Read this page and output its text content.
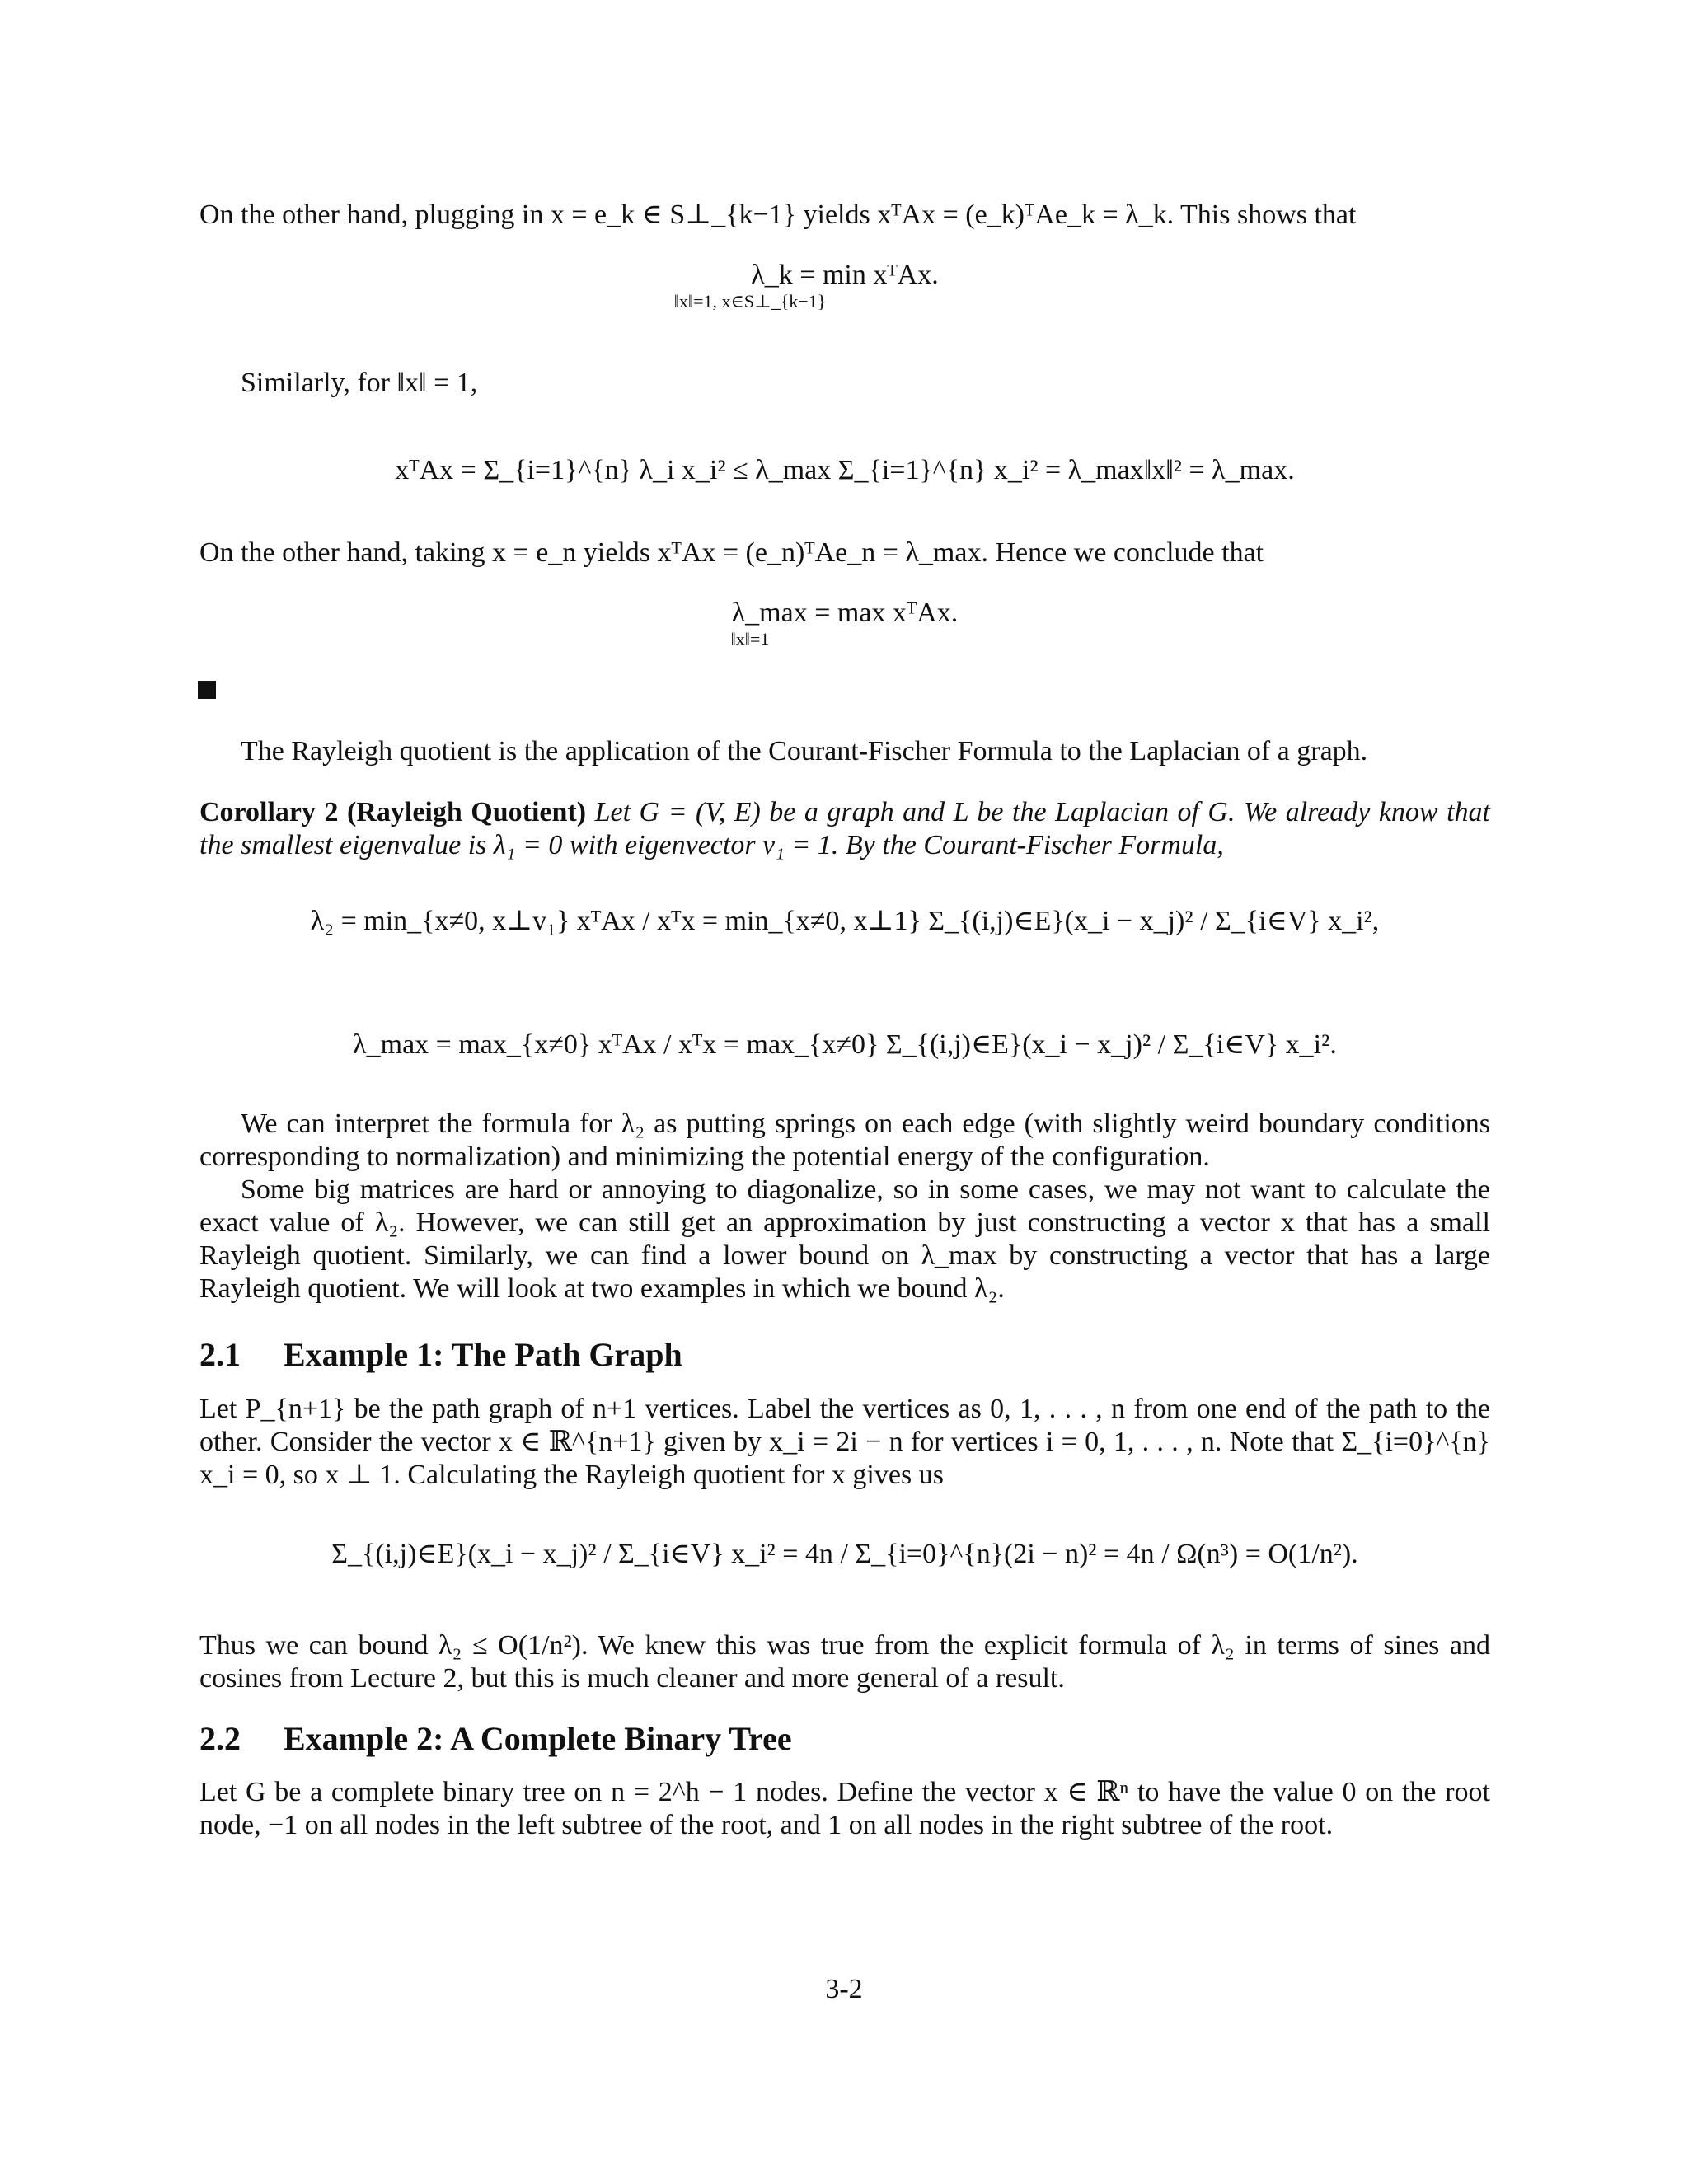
On the other hand, plugging in x = e_k ∈ S⊥_{k−1} yields xᵀAx = (e_k)ᵀAe_k = λ_k. This shows that

λ_k = min xᵀAx.
‖x‖=1, x∈S⊥_{k−1}

Similarly, for ‖x‖ = 1,

xᵀAx = Σ_{i=1}^{n} λ_i x_i² ≤ λ_max Σ_{i=1}^{n} x_i² = λ_max‖x‖² = λ_max.

On the other hand, taking x = e_n yields xᵀAx = (e_n)ᵀAe_n = λ_max. Hence we conclude that

λ_max = max xᵀAx.
‖x‖=1

The Rayleigh quotient is the application of the Courant-Fischer Formula to the Laplacian of a graph.

Corollary 2 (Rayleigh Quotient) Let G = (V, E) be a graph and L be the Laplacian of G. We already know that the smallest eigenvalue is λ₁ = 0 with eigenvector v₁ = 1. By the Courant-Fischer Formula,

λ₂ = min_{x≠0, x⊥v₁} xᵀAx / xᵀx = min_{x≠0, x⊥1} Σ_{(i,j)∈E}(x_i − x_j)² / Σ_{i∈V} x_i²,
λ_max = max_{x≠0} xᵀAx / xᵀx = max_{x≠0} Σ_{(i,j)∈E}(x_i − x_j)² / Σ_{i∈V} x_i².

We can interpret the formula for λ₂ as putting springs on each edge (with slightly weird boundary conditions corresponding to normalization) and minimizing the potential energy of the configuration.

Some big matrices are hard or annoying to diagonalize, so in some cases, we may not want to calculate the exact value of λ₂. However, we can still get an approximation by just constructing a vector x that has a small Rayleigh quotient. Similarly, we can find a lower bound on λ_max by constructing a vector that has a large Rayleigh quotient. We will look at two examples in which we bound λ₂.

2.1 Example 1: The Path Graph

Let P_{n+1} be the path graph of n+1 vertices. Label the vertices as 0, 1, . . . , n from one end of the path to the other. Consider the vector x ∈ ℝ^{n+1} given by x_i = 2i − n for vertices i = 0, 1, . . . , n. Note that Σ_{i=0}^{n} x_i = 0, so x ⊥ 1. Calculating the Rayleigh quotient for x gives us

Σ_{(i,j)∈E}(x_i − x_j)² / Σ_{i∈V} x_i² = 4n / Σ_{i=0}^{n}(2i − n)² = 4n / Ω(n³) = O(1/n²).

Thus we can bound λ₂ ≤ O(1/n²). We knew this was true from the explicit formula of λ₂ in terms of sines and cosines from Lecture 2, but this is much cleaner and more general of a result.

2.2 Example 2: A Complete Binary Tree

Let G be a complete binary tree on n = 2^h − 1 nodes. Define the vector x ∈ ℝⁿ to have the value 0 on the root node, −1 on all nodes in the left subtree of the root, and 1 on all nodes in the right subtree of the root.

3-2
